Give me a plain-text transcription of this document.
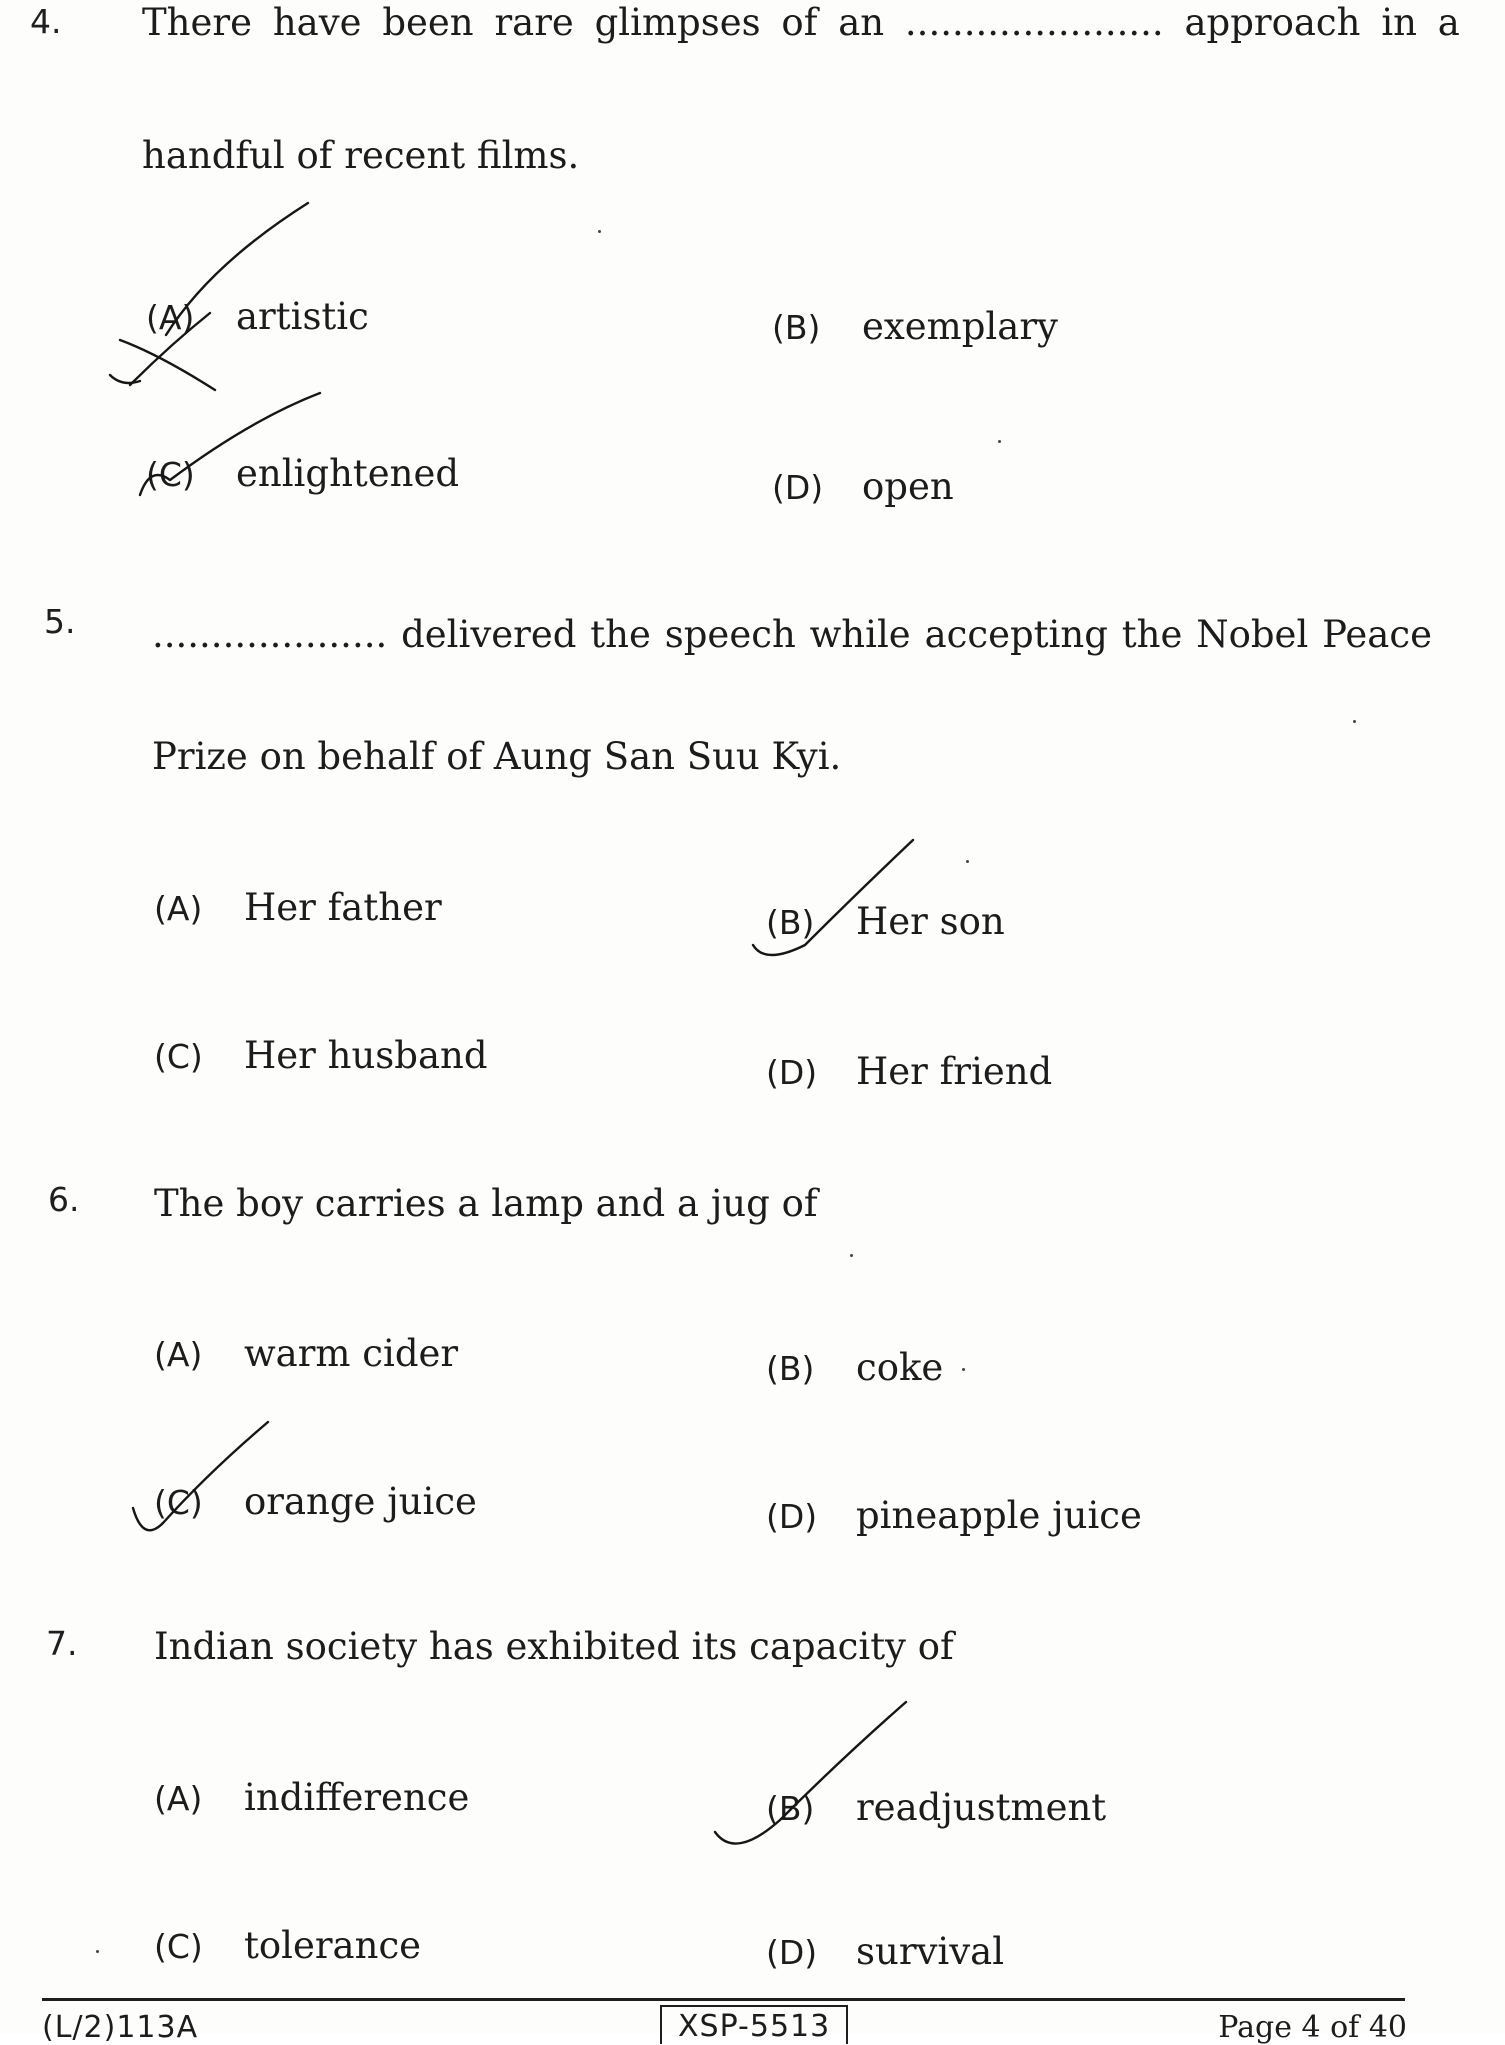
4. There have been rare glimpses of an ...................... approach in a
handful of recent films.
(A)	artistic	(B)	exemplary
(C)	enlightened	(D)	open
5. .................... delivered the speech while accepting the Nobel Peace
Prize on behalf of Aung San Suu Kyi.
(A)	Her father	(B)	Her son
(C)	Her husband	(D)	Her friend
6. The boy carries a lamp and a jug of
(A)	warm cider	(B)	coke
(C)	orange juice	(D)	pineapple juice
7. Indian society has exhibited its capacity of
(A)	indifference	(B)	readjustment
(C)	tolerance	(D)	survival
(L/2)113A	XSP-5513	Page 4 of 40
